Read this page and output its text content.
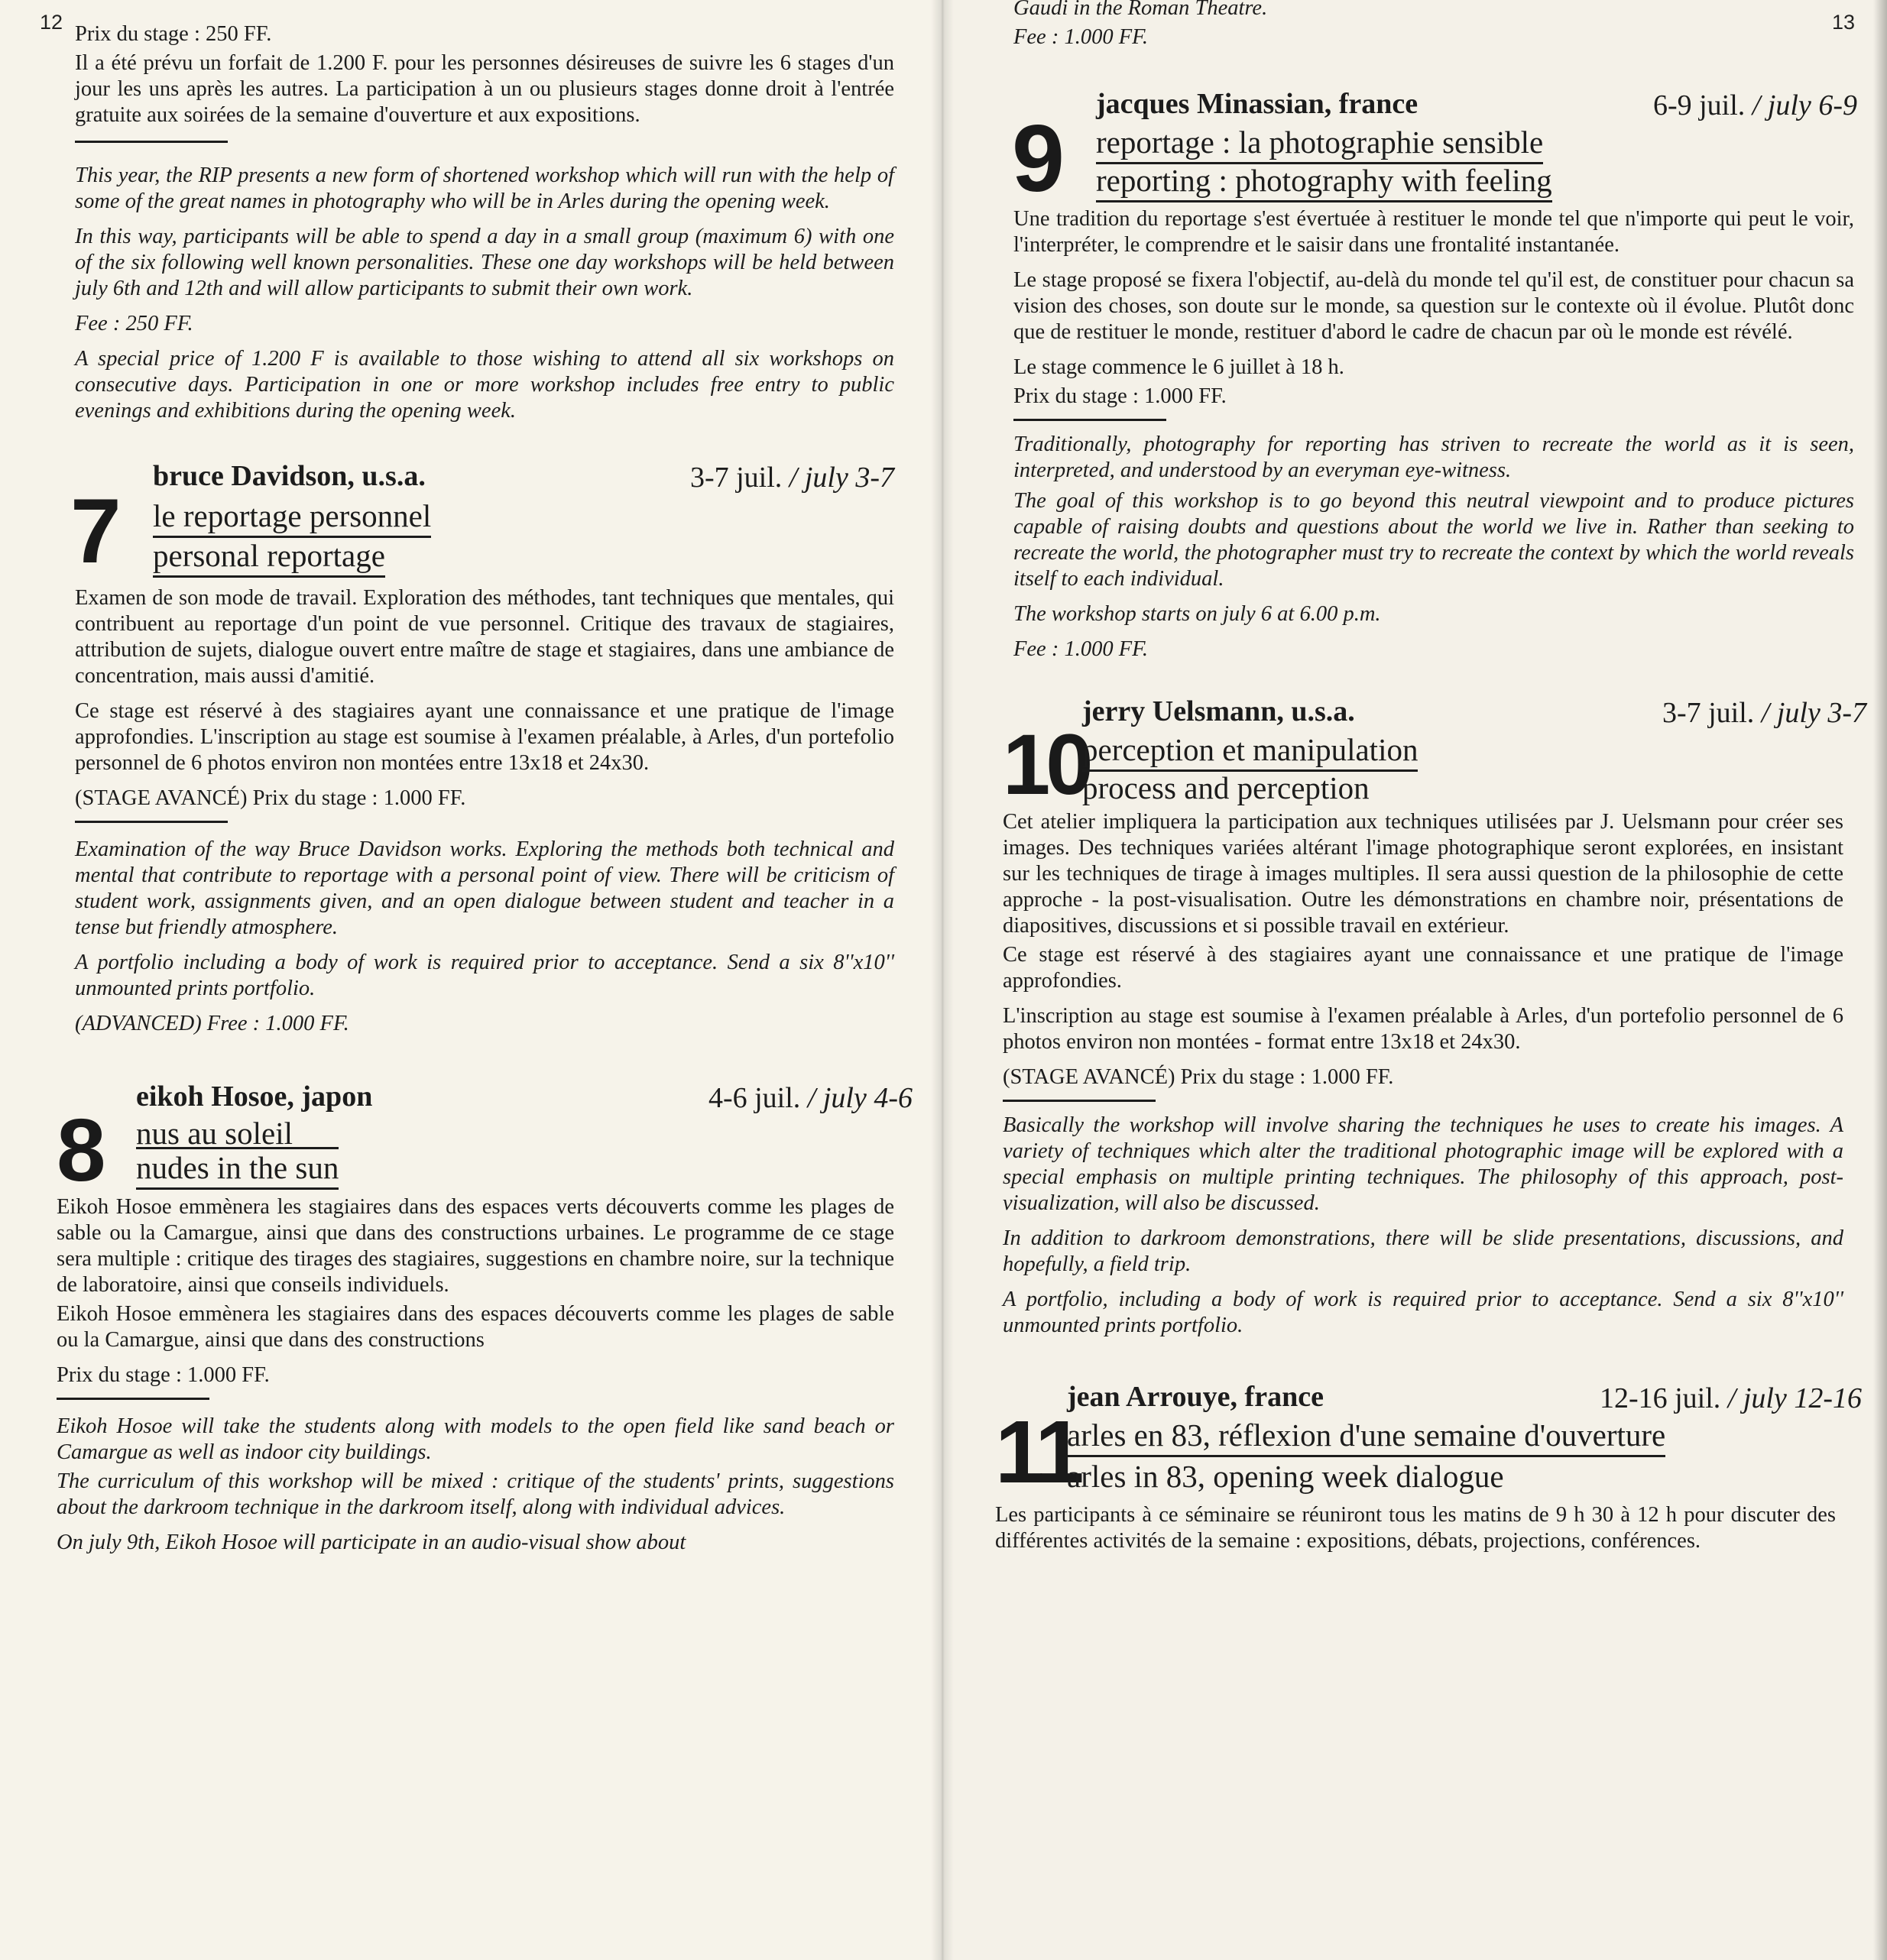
12 Prix du stage : 250 FF.

Il a été prévu un forfait de 1.200 F. pour les personnes désireuses de suivre les 6 stages d'un jour les uns après les autres. La participation à un ou plusieurs stages donne droit à l'entrée gratuite aux soirées de la semaine d'ouverture et aux expositions.

This year, the RIP presents a new form of shortened workshop which will run with the help of some of the great names in photography who will be in Arles during the opening week.

In this way, participants will be able to spend a day in a small group (maximum 6) with one of the six following well known personalities. These one day workshops will be held between july 6th and 12th and will allow participants to submit their own work.

Fee : 250 FF.

A special price of 1.200 F is available to those wishing to attend all six workshops on consecutive days. Participation in one or more workshop includes free entry to public evenings and exhibitions during the opening week.

7
bruce Davidson, u.s.a.	3-7 juil. / july 3-7
le reportage personnel
personal reportage

Examen de son mode de travail. Exploration des méthodes, tant techniques que mentales, qui contribuent au reportage d'un point de vue personnel. Critique des travaux de stagiaires, attribution de sujets, dialogue ouvert entre maître de stage et stagiaires, dans une ambiance de concentration, mais aussi d'amitié.

Ce stage est réservé à des stagiaires ayant une connaissance et une pratique de l'image approfondies. L'inscription au stage est soumise à l'examen préalable, à Arles, d'un portefolio personnel de 6 photos environ non montées entre 13x18 et 24x30.

(STAGE AVANCÉ) Prix du stage : 1.000 FF.

Examination of the way Bruce Davidson works. Exploring the methods both technical and mental that contribute to reportage with a personal point of view. There will be criticism of student work, assignments given, and an open dialogue between student and teacher in a tense but friendly atmosphere.

A portfolio including a body of work is required prior to acceptance. Send a six 8''x10'' unmounted prints portfolio.

(ADVANCED) Free : 1.000 FF.

8
eikoh Hosoe, japon	4-6 juil. / july 4-6
nus au soleil
nudes in the sun

Eikoh Hosoe emmènera les stagiaires dans des espaces verts découverts comme les plages de sable ou la Camargue, ainsi que dans des constructions urbaines. Le programme de ce stage sera multiple : critique des tirages des stagiaires, suggestions en chambre noire, sur la technique de laboratoire, ainsi que conseils individuels.

Eikoh Hosoe emmènera les stagiaires dans des espaces découverts comme les plages de sable ou la Camargue, ainsi que dans des constructions

Prix du stage : 1.000 FF.

Eikoh Hosoe will take the students along with models to the open field like sand beach or Camargue as well as indoor city buildings.

The curriculum of this workshop will be mixed : critique of the students' prints, suggestions about the darkroom technique in the darkroom itself, along with individual advices.

On july 9th, Eikoh Hosoe will participate in an audio-visual show about

13

Gaudi in the Roman Theatre.

Fee : 1.000 FF.

9
jacques Minassian, france	6-9 juil. / july 6-9
reportage : la photographie sensible
reporting : photography with feeling

Une tradition du reportage s'est évertuée à restituer le monde tel que n'importe qui peut le voir, l'interpréter, le comprendre et le saisir dans une frontalité instantanée.

Le stage proposé se fixera l'objectif, au-delà du monde tel qu'il est, de constituer pour chacun sa vision des choses, son doute sur le monde, sa question sur le contexte où il évolue. Plutôt donc que de restituer le monde, restituer d'abord le cadre de chacun par où le monde est révélé.

Le stage commence le 6 juillet à 18 h.

Prix du stage : 1.000 FF.

Traditionally, photography for reporting has striven to recreate the world as it is seen, interpreted, and understood by an everyman eye-witness.

The goal of this workshop is to go beyond this neutral viewpoint and to produce pictures capable of raising doubts and questions about the world we live in. Rather than seeking to recreate the world, the photographer must try to recreate the context by which the world reveals itself to each individual.

The workshop starts on july 6 at 6.00 p.m.

Fee : 1.000 FF.

10
jerry Uelsmann, u.s.a.	3-7 juil. / july 3-7
perception et manipulation
process and perception

Cet atelier impliquera la participation aux techniques utilisées par J. Uelsmann pour créer ses images. Des techniques variées altérant l'image photographique seront explorées, en insistant sur les techniques de tirage à images multiples. Il sera aussi question de la philosophie de cette approche - la post-visualisation. Outre les démonstrations en chambre noir, présentations de diapositives, discussions et si possible travail en extérieur.

Ce stage est réservé à des stagiaires ayant une connaissance et une pratique de l'image approfondies.

L'inscription au stage est soumise à l'examen préalable à Arles, d'un portefolio personnel de 6 photos environ non montées - format entre 13x18 et 24x30.

(STAGE AVANCÉ) Prix du stage : 1.000 FF.

Basically the workshop will involve sharing the techniques he uses to create his images. A variety of techniques which alter the traditional photographic image will be explored with a special emphasis on multiple printing techniques. The philosophy of this approach, post-visualization, will also be discussed.

In addition to darkroom demonstrations, there will be slide presentations, discussions, and hopefully, a field trip.

A portfolio, including a body of work is required prior to acceptance. Send a six 8''x10'' unmounted prints portfolio.

11
jean Arrouye, france	12-16 juil. / july 12-16
arles en 83, réflexion d'une semaine d'ouverture
arles in 83, opening week dialogue

Les participants à ce séminaire se réuniront tous les matins de 9 h 30 à 12 h pour discuter des différentes activités de la semaine : expositions, débats, projections, conférences.
